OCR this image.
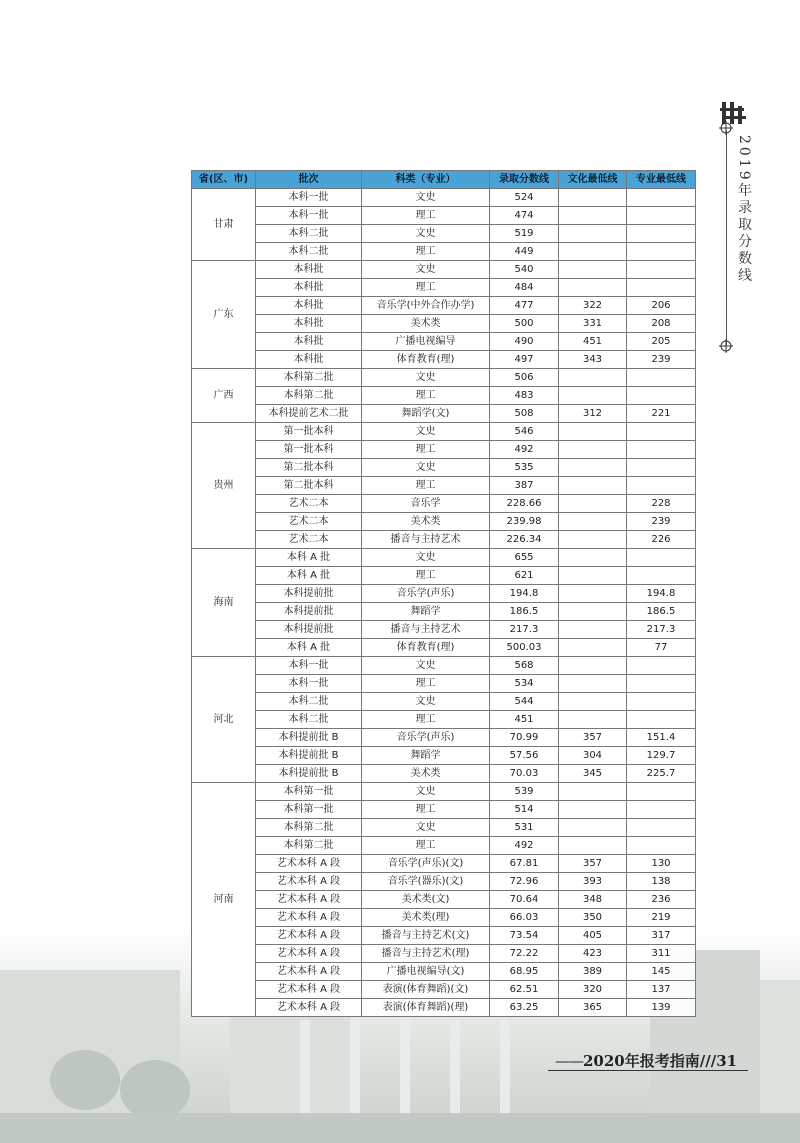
2019年录取分数线
省(区、市)	批次	科类（专业）	录取分数线	文化最低线	专业最低线
甘肃	本科一批	文史	524		
	本科一批	理工	474		
	本科二批	文史	519		
	本科二批	理工	449		
广东	本科批	文史	540		
	本科批	理工	484		
	本科批	音乐学(中外合作办学)	477	322	206
	本科批	美术类	500	331	208
	本科批	广播电视编导	490	451	205
	本科批	体育教育(理)	497	343	239
广西	本科第二批	文史	506		
	本科第二批	理工	483		
	本科提前艺术二批	舞蹈学(文)	508	312	221
贵州	第一批本科	文史	546		
	第一批本科	理工	492		
	第二批本科	文史	535		
	第二批本科	理工	387		
	艺术二本	音乐学	228.66		228
	艺术二本	美术类	239.98		239
	艺术二本	播音与主持艺术	226.34		226
海南	本科 A 批	文史	655		
	本科 A 批	理工	621		
	本科提前批	音乐学(声乐)	194.8		194.8
	本科提前批	舞蹈学	186.5		186.5
	本科提前批	播音与主持艺术	217.3		217.3
	本科 A 批	体育教育(理)	500.03		77
河北	本科一批	文史	568		
	本科一批	理工	534		
	本科二批	文史	544		
	本科二批	理工	451		
	本科提前批 B	音乐学(声乐)	70.99	357	151.4
	本科提前批 B	舞蹈学	57.56	304	129.7
	本科提前批 B	美术类	70.03	345	225.7
河南	本科第一批	文史	539		
	本科第一批	理工	514		
	本科第二批	文史	531		
	本科第二批	理工	492		
	艺术本科 A 段	音乐学(声乐)(文)	67.81	357	130
	艺术本科 A 段	音乐学(器乐)(文)	72.96	393	138
	艺术本科 A 段	美术类(文)	70.64	348	236
	艺术本科 A 段	美术类(理)	66.03	350	219
	艺术本科 A 段	播音与主持艺术(文)	73.54	405	317
	艺术本科 A 段	播音与主持艺术(理)	72.22	423	311
	艺术本科 A 段	广播电视编导(文)	68.95	389	145
	艺术本科 A 段	表演(体育舞蹈)(文)	62.51	320	137
	艺术本科 A 段	表演(体育舞蹈)(理)	63.25	365	139
——2020年报考指南///31
